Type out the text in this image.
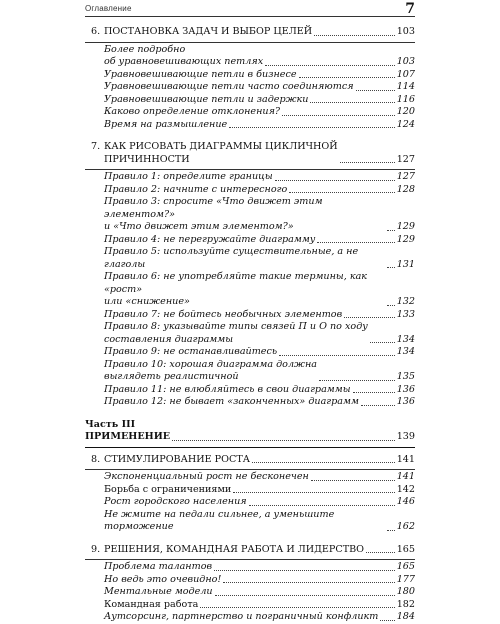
Оглавление	7
6. ПОСТАНОВКА ЗАДАЧ И ВЫБОР ЦЕЛЕЙ	103
Более подробно
об уравновешивающих петлях	103
Уравновешивающие петли в бизнесе	107
Уравновешивающие петли часто соединяются	114
Уравновешивающие петли и задержки	116
Каково определение отклонения?	120
Время на размышление	124
7. КАК РИСОВАТЬ ДИАГРАММЫ ЦИКЛИЧНОЙ
ПРИЧИННОСТИ	127
Правило 1: определите границы	127
Правило 2: начните с интересного	128
Правило 3: спросите «Что движет этим элементом?»
и «Что движет этим элементом?»	129
Правило 4: не перегружайте диаграмму	129
Правило 5: используйте существительные, а не глаголы	131
Правило 6: не употребляйте такие термины, как «рост»
или «снижение»	132
Правило 7: не бойтесь необычных элементов	133
Правило 8: указывайте типы связей П и О по ходу
составления диаграммы	134
Правило 9: не останавливайтесь	134
Правило 10: хорошая диаграмма должна
выглядеть реалистичной	135
Правило 11: не влюбляйтесь в свои диаграммы	136
Правило 12: не бывает «законченных» диаграмм	136
Часть III
ПРИМЕНЕНИЕ	139
8. СТИМУЛИРОВАНИЕ РОСТА	141
Экспоненциальный рост не бесконечен	141
Борьба с ограничениями	142
Рост городского населения	146
Не жмите на педали сильнее, а уменьшите торможение	162
9. РЕШЕНИЯ, КОМАНДНАЯ РАБОТА И ЛИДЕРСТВО	165
Проблема талантов	165
Но ведь это очевидно!	177
Ментальные модели	180
Командная работа	182
Аутсорсинг, партнерство и пограничный конфликт 184
